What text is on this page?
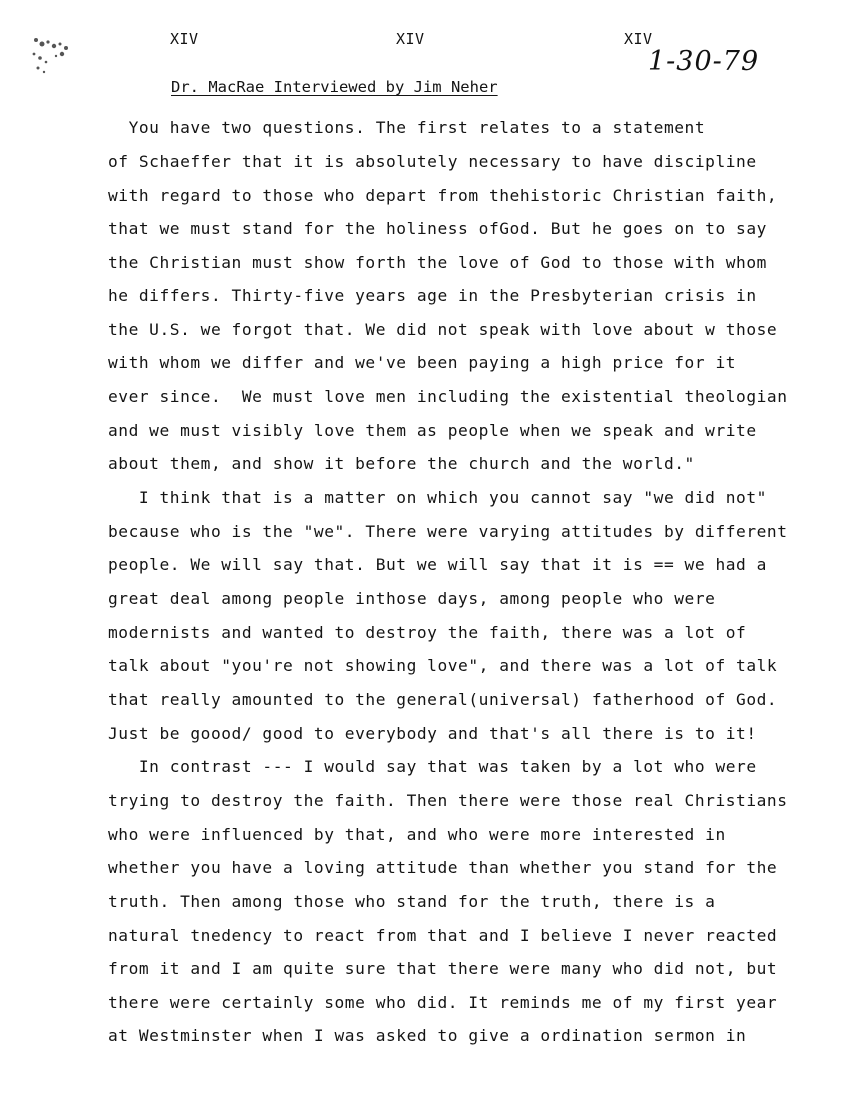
XIV	XIV	XIV
1-30-79
Dr. MacRae Interviewed by Jim Neher
You have two questions. The first relates to a statement
of Schaeffer that it is absolutely necessary to have discipline
with regard to those who depart from thehistoric Christian faith,
that we must stand for the holiness ofGod. But he goes on to say
the Christian must show forth the love of God to those with whom
he differs. Thirty-five years age in the Presbyterian crisis in
the U.S. we forgot that. We did not speak with love about w those
with whom we differ and we've been paying a high price for it
ever since.  We must love men including the existential theologian
and we must visibly love them as people when we speak and write
about them, and show it before the church and the world."
I think that is a matter on which you cannot say "we did not"
because who is the "we". There were varying attitudes by different
people. We will say that. But we will say that it is == we had a
great deal among people inthose days, among people who were
modernists and wanted to destroy the faith, there was a lot of
talk about "you're not showing love", and there was a lot of talk
that really amounted to the general(universal) fatherhood of God.
Just be goood/ good to everybody and that's all there is to it!
In contrast --- I would say that was taken by a lot who were
trying to destroy the faith. Then there were those real Christians
who were influenced by that, and who were more interested in
whether you have a loving attitude than whether you stand for the
truth. Then among those who stand for the truth, there is a
natural tnedency to react from that and I believe I never reacted
from it and I am quite sure that there were many who did not, but
there were certainly some who did. It reminds me of my first year
at Westminster when I was asked to give a ordination sermon in
